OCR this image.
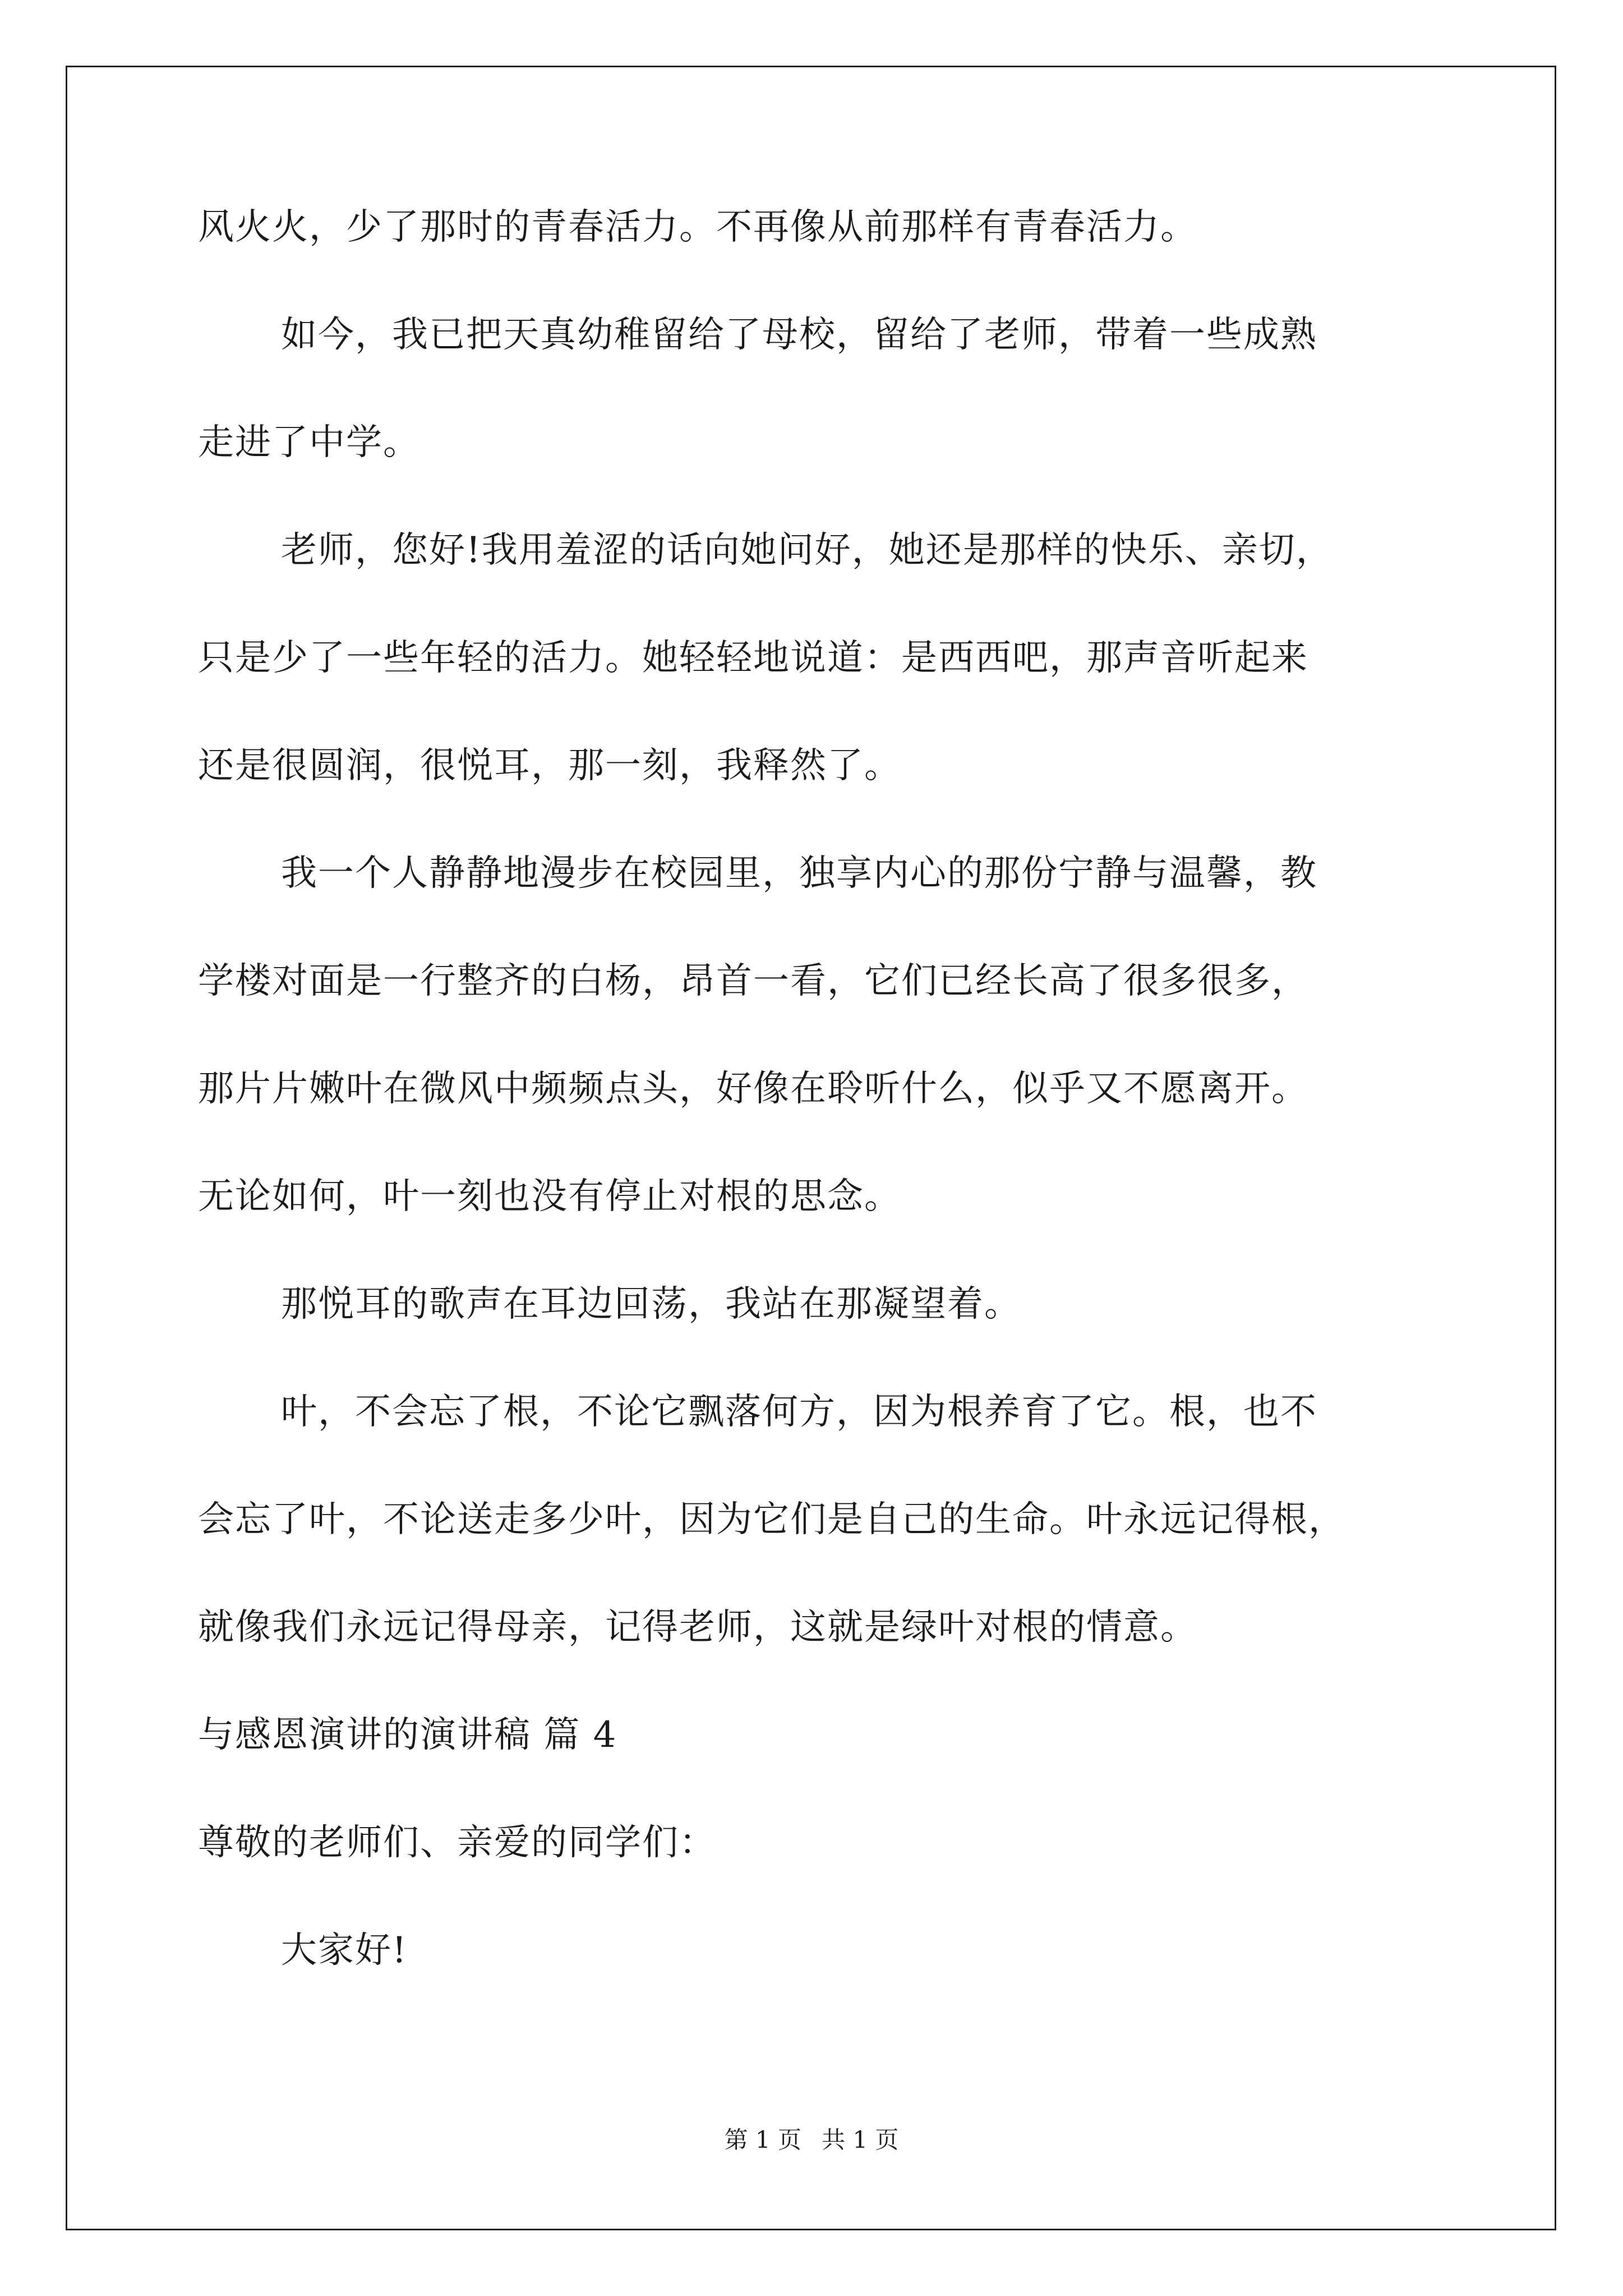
风火火，少了那时的青春活力。不再像从前那样有青春活力。
如今，我已把天真幼稚留给了母校，留给了老师，带着一些成熟
走进了中学。
老师，您好!我用羞涩的话向她问好，她还是那样的快乐、亲切，
只是少了一些年轻的活力。她轻轻地说道：是西西吧，那声音听起来
还是很圆润，很悦耳，那一刻，我释然了。
我一个人静静地漫步在校园里，独享内心的那份宁静与温馨，教
学楼对面是一行整齐的白杨，昂首一看，它们已经长高了很多很多，
那片片嫩叶在微风中频频点头，好像在聆听什么，似乎又不愿离开。
无论如何，叶一刻也没有停止对根的思念。
那悦耳的歌声在耳边回荡，我站在那凝望着。
叶，不会忘了根，不论它飘落何方，因为根养育了它。根，也不
会忘了叶，不论送走多少叶，因为它们是自己的生命。叶永远记得根，
就像我们永远记得母亲，记得老师，这就是绿叶对根的情意。
与感恩演讲的演讲稿 篇 4
尊敬的老师们、亲爱的同学们：
大家好!
第 1 页 共 1 页
